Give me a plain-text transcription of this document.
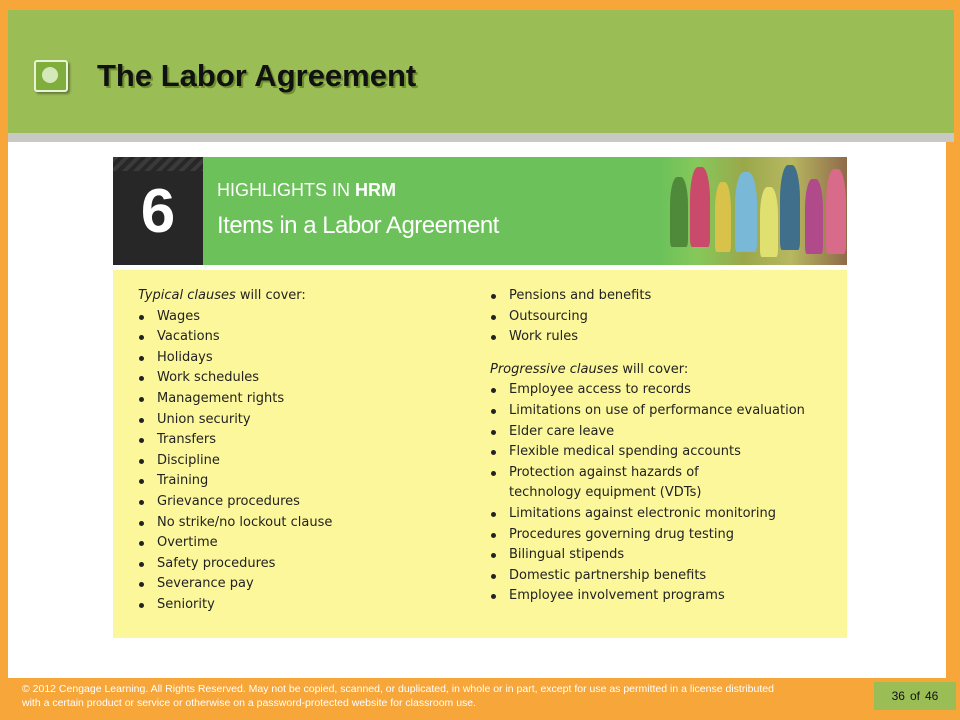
The Labor Agreement
6 HIGHLIGHTS IN HRM
Items in a Labor Agreement
Typical clauses will cover:
Wages
Vacations
Holidays
Work schedules
Management rights
Union security
Transfers
Discipline
Training
Grievance procedures
No strike/no lockout clause
Overtime
Safety procedures
Severance pay
Seniority
Pensions and benefits
Outsourcing
Work rules
Progressive clauses will cover:
Employee access to records
Limitations on use of performance evaluation
Elder care leave
Flexible medical spending accounts
Protection against hazards of technology equipment (VDTs)
Limitations against electronic monitoring
Procedures governing drug testing
Bilingual stipends
Domestic partnership benefits
Employee involvement programs
© 2012 Cengage Learning. All Rights Reserved. May not be copied, scanned, or duplicated, in whole or in part, except for use as permitted in a license distributed with a certain product or service or otherwise on a password-protected website for classroom use.	36 of 46
